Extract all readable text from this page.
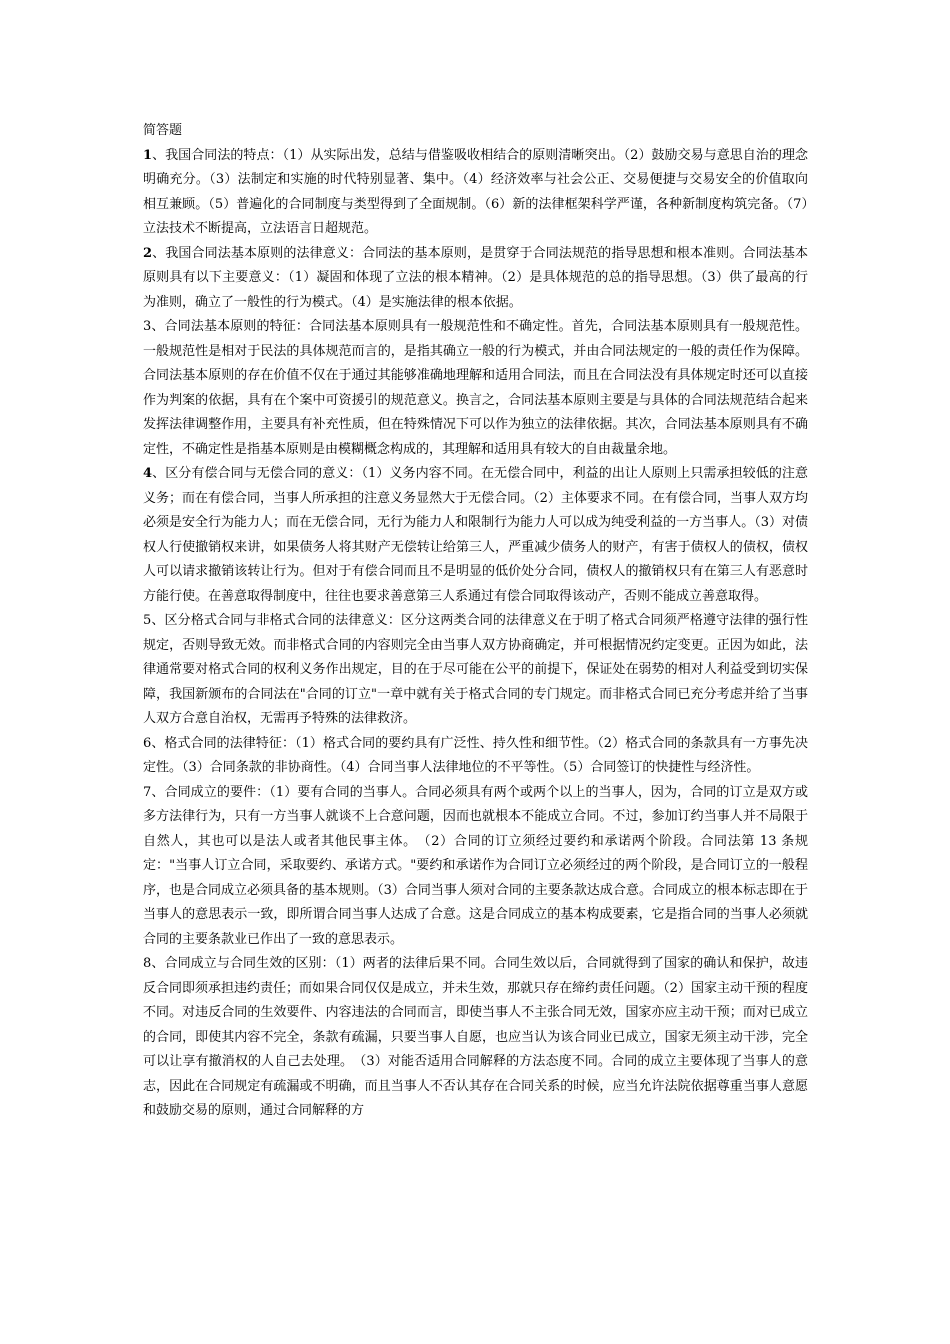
简答题

1、我国合同法的特点：（1）从实际出发，总结与借鉴吸收相结合的原则清晰突出。（2）鼓励交易与意思自治的理念明确充分。（3）法制定和实施的时代特别显著、集中。（4）经济效率与社会公正、交易便捷与交易安全的价值取向相互兼顾。（5）普遍化的合同制度与类型得到了全面规制。（6）新的法律框架科学严谨，各种新制度构筑完备。（7）立法技术不断提高，立法语言日超规范。

2、我国合同法基本原则的法律意义：合同法的基本原则，是贯穿于合同法规范的指导思想和根本准则。合同法基本原则具有以下主要意义：（1）凝固和体现了立法的根本精神。（2）是具体规范的总的指导思想。（3）供了最高的行为准则，确立了一般性的行为模式。（4）是实施法律的根本依据。

3、合同法基本原则的特征：合同法基本原则具有一般规范性和不确定性。首先，合同法基本原则具有一般规范性。一般规范性是相对于民法的具体规范而言的，是指其确立一般的行为模式，并由合同法规定的一般的责任作为保障。合同法基本原则的存在价值不仅在于通过其能够准确地理解和适用合同法，而且在合同法没有具体规定时还可以直接作为判案的依据，具有在个案中可资援引的规范意义。换言之，合同法基本原则主要是与具体的合同法规范结合起来发挥法律调整作用，主要具有补充性质，但在特殊情况下可以作为独立的法律依据。其次，合同法基本原则具有不确定性，不确定性是指基本原则是由模糊概念构成的，其理解和适用具有较大的自由裁量余地。

4、区分有偿合同与无偿合同的意义：（1）义务内容不同。在无偿合同中，利益的出让人原则上只需承担较低的注意义务；而在有偿合同，当事人所承担的注意义务显然大于无偿合同。（2）主体要求不同。在有偿合同，当事人双方均必须是安全行为能力人；而在无偿合同，无行为能力人和限制行为能力人可以成为纯受利益的一方当事人。（3）对债权人行使撤销权来讲，如果债务人将其财产无偿转让给第三人，严重减少债务人的财产，有害于债权人的债权，债权人可以请求撤销该转让行为。但对于有偿合同而且不是明显的低价处分合同，债权人的撤销权只有在第三人有恶意时方能行使。在善意取得制度中，往往也要求善意第三人系通过有偿合同取得该动产，否则不能成立善意取得。

5、区分格式合同与非格式合同的法律意义：区分这两类合同的法律意义在于明了格式合同须严格遵守法律的强行性规定，否则导致无效。而非格式合同的内容则完全由当事人双方协商确定，并可根据情况约定变更。正因为如此，法律通常要对格式合同的权利义务作出规定，目的在于尽可能在公平的前提下，保证处在弱势的相对人利益受到切实保障，我国新颁布的合同法在"合同的订立"一章中就有关于格式合同的专门规定。而非格式合同已充分考虑并给了当事人双方合意自治权，无需再予特殊的法律救济。

6、格式合同的法律特征：（1）格式合同的要约具有广泛性、持久性和细节性。（2）格式合同的条款具有一方事先决定性。（3）合同条款的非协商性。（4）合同当事人法律地位的不平等性。（5）合同签订的快捷性与经济性。

7、合同成立的要件：（1）要有合同的当事人。合同必须具有两个或两个以上的当事人，因为，合同的订立是双方或多方法律行为，只有一方当事人就谈不上合意问题，因而也就根本不能成立合同。不过，参加订约当事人并不局限于自然人，其也可以是法人或者其他民事主体。　（2）合同的订立须经过要约和承诺两个阶段。合同法第 13 条规定："当事人订立合同，采取要约、承诺方式。"要约和承诺作为合同订立必须经过的两个阶段，是合同订立的一般程序，也是合同成立必须具备的基本规则。（3）合同当事人须对合同的主要条款达成合意。合同成立的根本标志即在于当事人的意思表示一致，即所谓合同当事人达成了合意。这是合同成立的基本构成要素，它是指合同的当事人必须就合同的主要条款业已作出了一致的意思表示。

8、合同成立与合同生效的区别：（1）两者的法律后果不同。合同生效以后，合同就得到了国家的确认和保护，故违反合同即须承担违约责任；而如果合同仅仅是成立，并未生效，那就只存在缔约责任问题。（2）国家主动干预的程度不同。对违反合同的生效要件、内容违法的合同而言，即使当事人不主张合同无效，国家亦应主动干预；而对已成立的合同，即使其内容不完全，条款有疏漏，只要当事人自愿，也应当认为该合同业已成立，国家无须主动干涉，完全可以让享有撤消权的人自己去处理。　（3）对能否适用合同解释的方法态度不同。合同的成立主要体现了当事人的意志，因此在合同规定有疏漏或不明确，而且当事人不否认其存在合同关系的时候，应当允许法院依据尊重当事人意愿和鼓励交易的原则，通过合同解释的方
